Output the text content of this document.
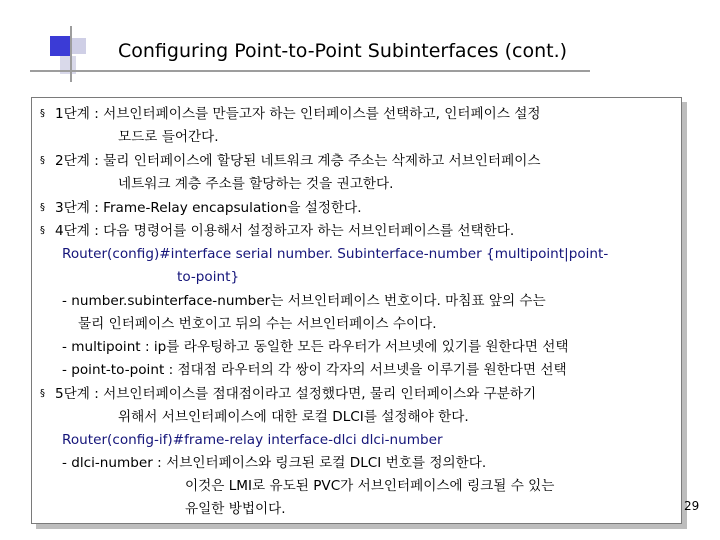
Configuring Point-to-Point Subinterfaces (cont.)
§
§
§
§
§
1단계 : 서브인터페이스를 만들고자 하는 인터페이스를 선택하고, 인터페이스 설정
모드로 들어간다.
2단계 : 물리 인터페이스에 할당된 네트워크 계층 주소는 삭제하고 서브인터페이스
네트워크 계층 주소를 할당하는 것을 권고한다.
3단계 : Frame-Relay encapsulation을 설정한다.
4단계 : 다음 명령어를 이용해서 설정하고자 하는 서브인터페이스를 선택한다.
Router(config)#interface serial number. Subinterface-number {multipoint|point-
to-point}
- number.subinterface-number는 서브인터페이스 번호이다. 마침표 앞의 수는
물리 인터페이스 번호이고 뒤의 수는 서브인터페이스 수이다.
- multipoint : ip를 라우팅하고 동일한 모든 라우터가 서브넷에 있기를 원한다면 선택
- point-to-point : 점대점 라우터의 각 쌍이 각자의 서브넷을 이루기를 원한다면 선택
5단계 : 서브인터페이스를 점대점이라고 설정했다면, 물리 인터페이스와 구분하기
위해서 서브인터페이스에 대한 로컬 DLCI를 설정해야 한다.
Router(config-if)#frame-relay interface-dlci dlci-number
- dlci-number : 서브인터페이스와 링크된 로컬 DLCI 번호를 정의한다.
이것은 LMI로 유도된 PVC가 서브인터페이스에 링크될 수 있는
유일한 방법이다.	29
